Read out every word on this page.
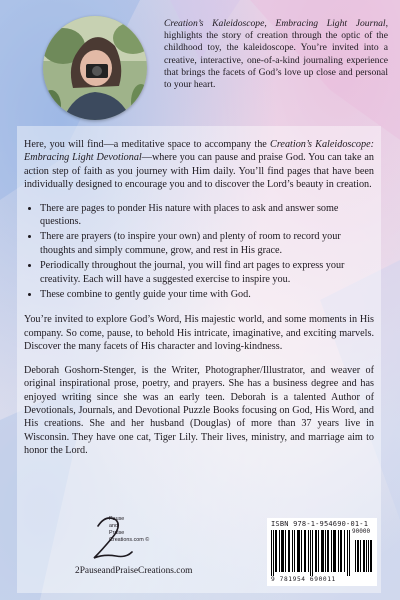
Creation’s Kaleidoscope, Embracing Light Journal, highlights the story of creation through the optic of the childhood toy, the kaleidoscope. You’re invited into a creative, interactive, one-of-a-kind journaling experience that brings the facets of God’s love up close and personal to your heart.

Here, you will find—a meditative space to accompany the Creation’s Kaleidoscope: Embracing Light Devotional—where you can pause and praise God. You can take an action step of faith as you journey with Him daily. You’ll find pages that have been individually designed to encourage you and to discover the Lord’s beauty in creation.

• There are pages to ponder His nature with places to ask and answer some questions.
• There are prayers (to inspire your own) and plenty of room to record your thoughts and simply commune, grow, and rest in His grace.
• Periodically throughout the journal, you will find art pages to express your creativity. Each will have a suggested exercise to inspire you.
• These combine to gently guide your time with God.

You’re invited to explore God’s Word, His majestic world, and some moments in His company. So come, pause, to behold His intricate, imaginative, and exciting marvels. Discover the many facets of His character and loving-kindness.

Deborah Goshorn-Stenger, is the Writer, Photographer/Illustrator, and weaver of original inspirational prose, poetry, and prayers. She has a business degree and has enjoyed writing since she was an early teen. Deborah is a talented Author of Devotionals, Journals, and Devotional Puzzle Books focusing on God, His Word, and His creations. She and her husband (Douglas) of more than 37 years live in Wisconsin. They have one cat, Tiger Lily. Their lives, ministry, and marriage aim to honor the Lord.

Pause
and
Praise
Creations.com ©
2PauseandPraiseCreations.com
ISBN 978-1-954690-01-1
90000
9 781954 690011
